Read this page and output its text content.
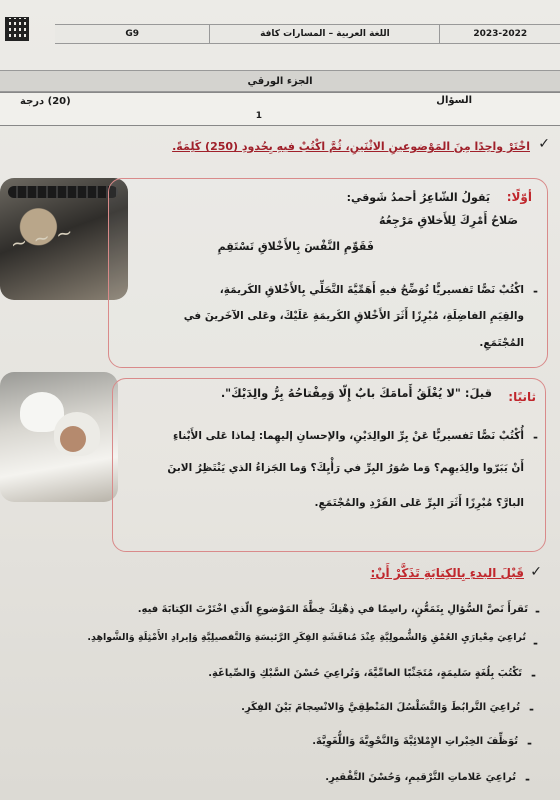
2023-2022
اللغة العربية – المسارات كافة
G9
الجزء الورقي
السؤال
1
(20) درجة
✓
اخْتَرْ واحِدًا مِنَ المَوْضوعينِ الاثْنَينِ، ثُمَّ اكْتُبْ فيهِ بِحُدودِ (250) كَلِمَةً.
~ ~ ~
أوّلًا:
يَقولُ الشّاعِرُ أحمدُ شَوقي:
صَلاحُ أَمْرِكَ لِلأَخلاقِ مَرْجِعُهُ
فَقَوِّمِ النَّفْسَ بِالأَخْلاقِ تَسْتَقِمِ
-
اكْتُبْ نَصًّا تَفسيريًّا تُوَضِّحُ فيهِ أَهَمِّيَّةَ التَّحَلِّي بِالأَخْلاقِ الكَريمَةِ،
والقِيَمِ الفاضِلَةِ، مُبْرِزًا أَثَرَ الأَخْلاقِ الكَريمَةِ عَلَيْكَ، وعَلى الآخَرينَ في
المُجْتَمَعِ.
ثانيًا:
قيلَ: "لا يُغْلَقُ أَمامَكَ بابٌ إِلّا وَمِفْتاحُهُ بِرُّ والِدَيْكَ".
-
أُكْتُبْ نَصًّا تَفسيريًّا عَنْ بِرِّ الوالِدَيْنِ، والإحسانِ إليهِما: لِماذا عَلى الأَبْناءِ
أَنْ يَبَرّوا والِدَيهِم؟ وَما صُوَرُ البِرِّ في رَأْيِكَ؟ وَما الجَزاءُ الذي يَنْتَظِرُ الابنَ
البارَّ؟ مُبْرِزًا أَثَرَ البِرِّ عَلى الفَرْدِ والمُجْتَمَعِ.
✓
قَبْلَ البدءِ بِالكِتابَةِ تَذَكَّرْ أَنْ:
-
تَقرأَ نَصَّ السُّؤالِ بِتَمَعُّنٍ، راسِمًا في ذِهْنِكَ خِطَّةَ المَوْضوعِ الّذي اخْتَرْتَ الكِتابَةَ فيهِ.
-
تُراعِيَ مِعْيارَيِ العُمْقِ وَالشُّمولِيَّةِ عِنْدَ مُناقَشَةِ الفِكَرِ الرَّئيسَةِ وَالتَّفصيلِيَّةِ وَإيرادِ الأَمْثِلَةِ وَالشَّواهِدِ.
-
تَكْتُبَ بِلُغَةٍ سَليمَةٍ، مُتَجَنِّبًا العامِّيَّةَ، وَتُراعِيَ حُسْنَ السَّبْكِ وَالصِّياغَةِ.
-
تُراعِيَ التَّرابُطَ وَالتَّسَلْسُلَ المَنْطِقِيَّ وَالانْسِجامَ بَيْنَ الفِكَرِ.
-
تُوَظِّفَ الخِبْراتِ الإِمْلائِيَّةَ وَالنَّحْوِيَّةَ وَاللُّغَوِيَّةَ.
-
تُراعِيَ عَلاماتِ التَّرْقيمِ، وَحُسْنَ التَّفْقيرِ.
